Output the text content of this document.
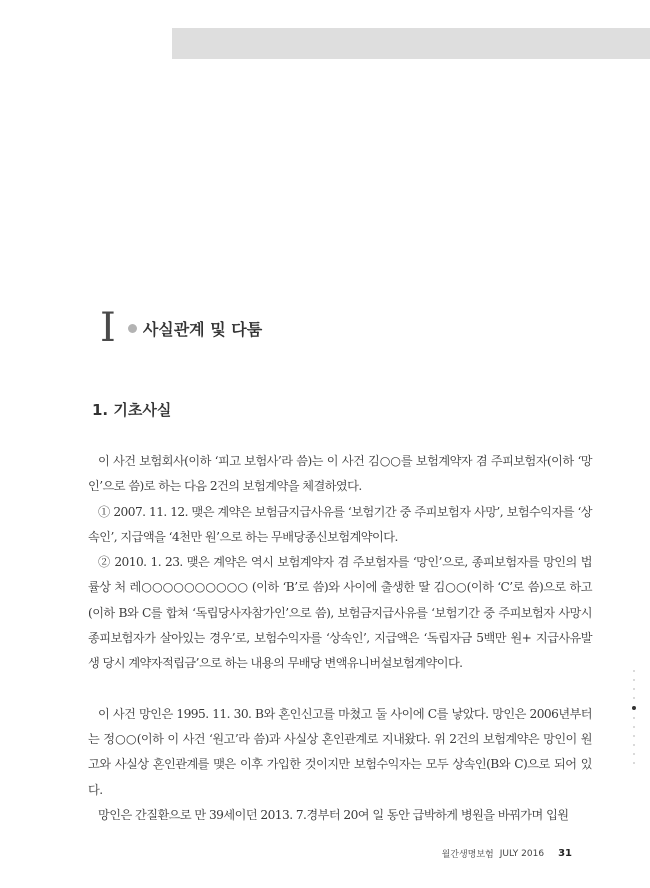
I 사실관계 및 다툼
1. 기초사실

이 사건 보험회사(이하 ‘피고 보험사’라 씀)는 이 사건 김○○를 보험계약자 겸 주피보험자(이하 ‘망인’으로 씀)로 하는 다음 2건의 보험계약을 체결하였다.

① 2007. 11. 12. 맺은 계약은 보험금지급사유를 ‘보험기간 중 주피보험자 사망’, 보험수익자를 ‘상속인’, 지급액을 ‘4천만 원’으로 하는 무배당종신보험계약이다.

② 2010. 1. 23. 맺은 계약은 역시 보험계약자 겸 주보험자를 ‘망인’으로, 종피보험자를 망인의 법률상 처 레○○○○○○○○○○ (이하 ‘B’로 씀)와 사이에 출생한 딸 김○○(이하 ‘C’로 씀)으로 하고(이하 B와 C를 합쳐 ‘독립당사자참가인’으로 씀), 보험금지급사유를 ‘보험기간 중 주피보험자 사망시 종피보험자가 살아있는 경우’로, 보험수익자를 ‘상속인’, 지급액은 ‘독립자금 5백만 원+ 지급사유발생 당시 계약자적립금’으로 하는 내용의 무배당 변액유니버설보험계약이다.

이 사건 망인은 1995. 11. 30. B와 혼인신고를 마쳤고 둘 사이에 C를 낳았다. 망인은 2006년부터는 정○○(이하 이 사건 ‘원고’라 씀)과 사실상 혼인관계로 지내왔다. 위 2건의 보험계약은 망인이 원고와 사실상 혼인관계를 맺은 이후 가입한 것이지만 보험수익자는 모두 상속인(B와 C)으로 되어 있다.

망인은 간질환으로 만 39세이던 2013. 7.경부터 20여 일 동안 급박하게 병원을 바꿔가며 입원

월간생명보험 JULY 2016 31
